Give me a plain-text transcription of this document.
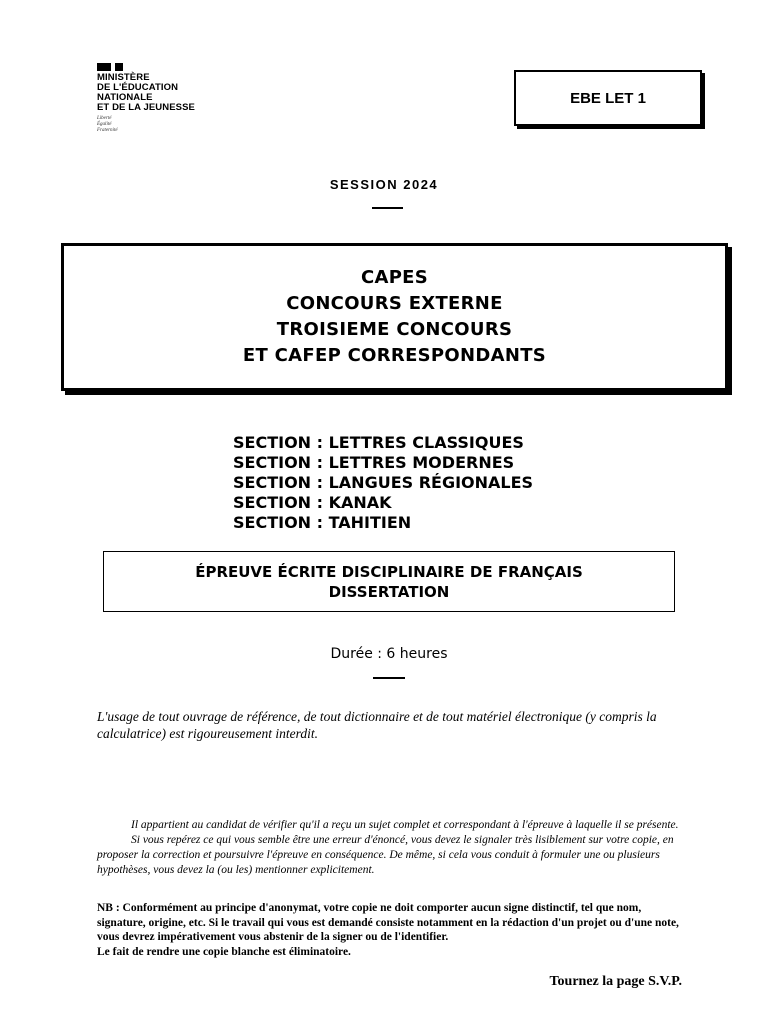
MINISTÈRE
DE L'ÉDUCATION
NATIONALE
ET DE LA JEUNESSE
Liberté
Égalité
Fraternité
EBE LET 1
SESSION 2024
CAPES
CONCOURS EXTERNE
TROISIEME CONCOURS
ET CAFEP CORRESPONDANTS
SECTION : LETTRES CLASSIQUES
SECTION : LETTRES MODERNES
SECTION : LANGUES RÉGIONALES
SECTION : KANAK
SECTION : TAHITIEN
ÉPREUVE ÉCRITE DISCIPLINAIRE DE FRANÇAIS
DISSERTATION
Durée : 6 heures
L'usage de tout ouvrage de référence, de tout dictionnaire et de tout matériel électronique (y compris la calculatrice) est rigoureusement interdit.

Il appartient au candidat de vérifier qu'il a reçu un sujet complet et correspondant à l'épreuve à laquelle il se présente.

Si vous repérez ce qui vous semble être une erreur d'énoncé, vous devez le signaler très lisiblement sur votre copie, en proposer la correction et poursuivre l'épreuve en conséquence. De même, si cela vous conduit à formuler une ou plusieurs hypothèses, vous devez la (ou les) mentionner explicitement.

NB : Conformément au principe d'anonymat, votre copie ne doit comporter aucun signe distinctif, tel que nom, signature, origine, etc. Si le travail qui vous est demandé consiste notamment en la rédaction d'un projet ou d'une note, vous devrez impérativement vous abstenir de la signer ou de l'identifier.

Le fait de rendre une copie blanche est éliminatoire.

Tournez la page S.V.P.
